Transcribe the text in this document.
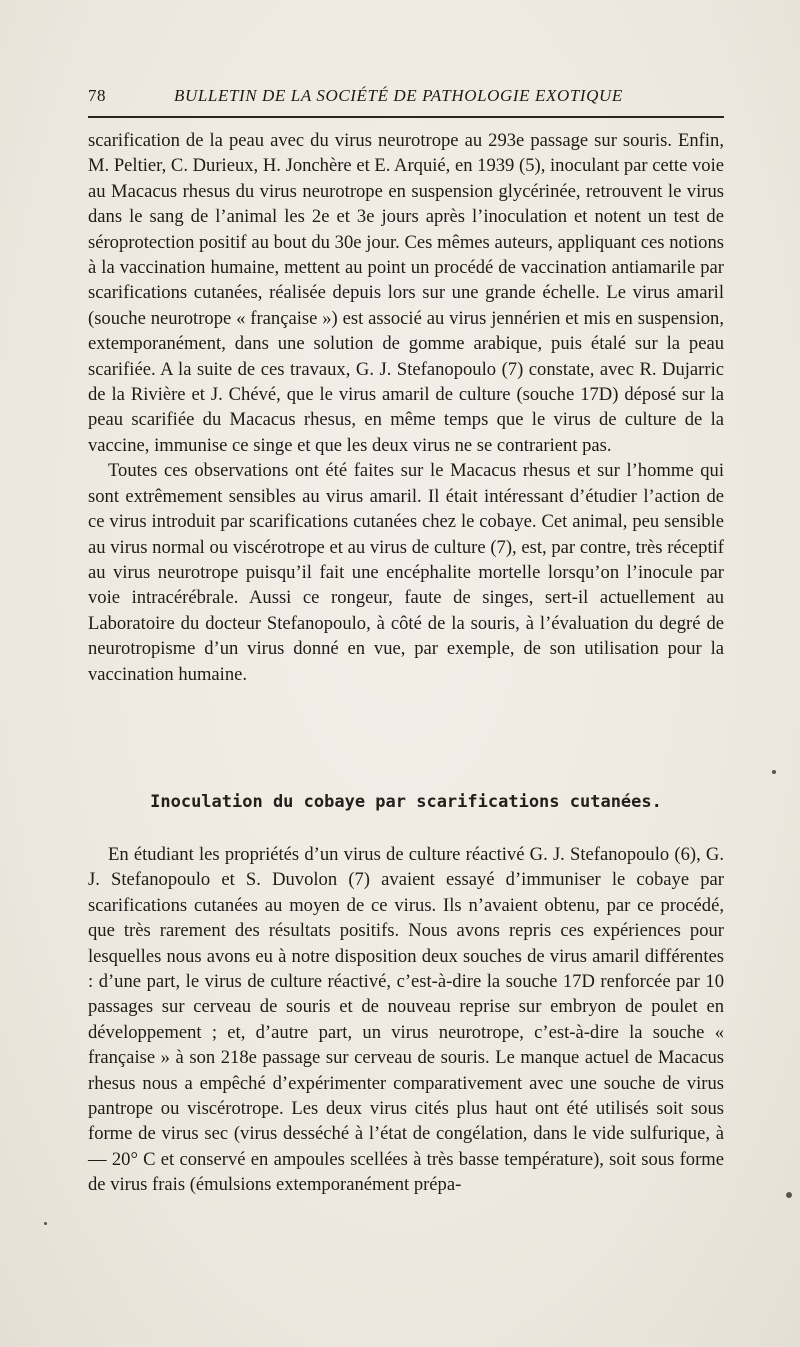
78	BULLETIN DE LA SOCIÉTÉ DE PATHOLOGIE EXOTIQUE

scarification de la peau avec du virus neurotrope au 293e passage sur souris. Enfin, M. Peltier, C. Durieux, H. Jonchère et E. Arquié, en 1939 (5), inoculant par cette voie au Macacus rhesus du virus neurotrope en suspension glycérinée, retrouvent le virus dans le sang de l’animal les 2e et 3e jours après l’inoculation et notent un test de séroprotection positif au bout du 30e jour. Ces mêmes auteurs, appliquant ces notions à la vaccination humaine, mettent au point un procédé de vaccination antiamarile par scarifications cutanées, réalisée depuis lors sur une grande échelle. Le virus amaril (souche neurotrope « française ») est associé au virus jennérien et mis en suspension, extemporanément, dans une solution de gomme arabique, puis étalé sur la peau scarifiée. A la suite de ces travaux, G. J. Stefanopoulo (7) constate, avec R. Dujarric de la Rivière et J. Chévé, que le virus amaril de culture (souche 17D) déposé sur la peau scarifiée du Macacus rhesus, en même temps que le virus de culture de la vaccine, immunise ce singe et que les deux virus ne se contrarient pas.

Toutes ces observations ont été faites sur le Macacus rhesus et sur l’homme qui sont extrêmement sensibles au virus amaril. Il était intéressant d’étudier l’action de ce virus introduit par scarifications cutanées chez le cobaye. Cet animal, peu sensible au virus normal ou viscérotrope et au virus de culture (7), est, par contre, très réceptif au virus neurotrope puisqu’il fait une encéphalite mortelle lorsqu’on l’inocule par voie intracérébrale. Aussi ce rongeur, faute de singes, sert-il actuellement au Laboratoire du docteur Stefanopoulo, à côté de la souris, à l’évaluation du degré de neurotropisme d’un virus donné en vue, par exemple, de son utilisation pour la vaccination humaine.

Inoculation du cobaye par scarifications cutanées.

En étudiant les propriétés d’un virus de culture réactivé G. J. Stefanopoulo (6), G. J. Stefanopoulo et S. Duvolon (7) avaient essayé d’immuniser le cobaye par scarifications cutanées au moyen de ce virus. Ils n’avaient obtenu, par ce procédé, que très rarement des résultats positifs. Nous avons repris ces expériences pour lesquelles nous avons eu à notre disposition deux souches de virus amaril différentes : d’une part, le virus de culture réactivé, c’est-à-dire la souche 17D renforcée par 10 passages sur cerveau de souris et de nouveau reprise sur embryon de poulet en développement ; et, d’autre part, un virus neurotrope, c’est-à-dire la souche « française » à son 218e passage sur cerveau de souris. Le manque actuel de Macacus rhesus nous a empêché d’expérimenter comparativement avec une souche de virus pantrope ou viscérotrope. Les deux virus cités plus haut ont été utilisés soit sous forme de virus sec (virus desséché à l’état de congélation, dans le vide sulfurique, à — 20° C et conservé en ampoules scellées à très basse température), soit sous forme de virus frais (émulsions extemporanément prépa-
